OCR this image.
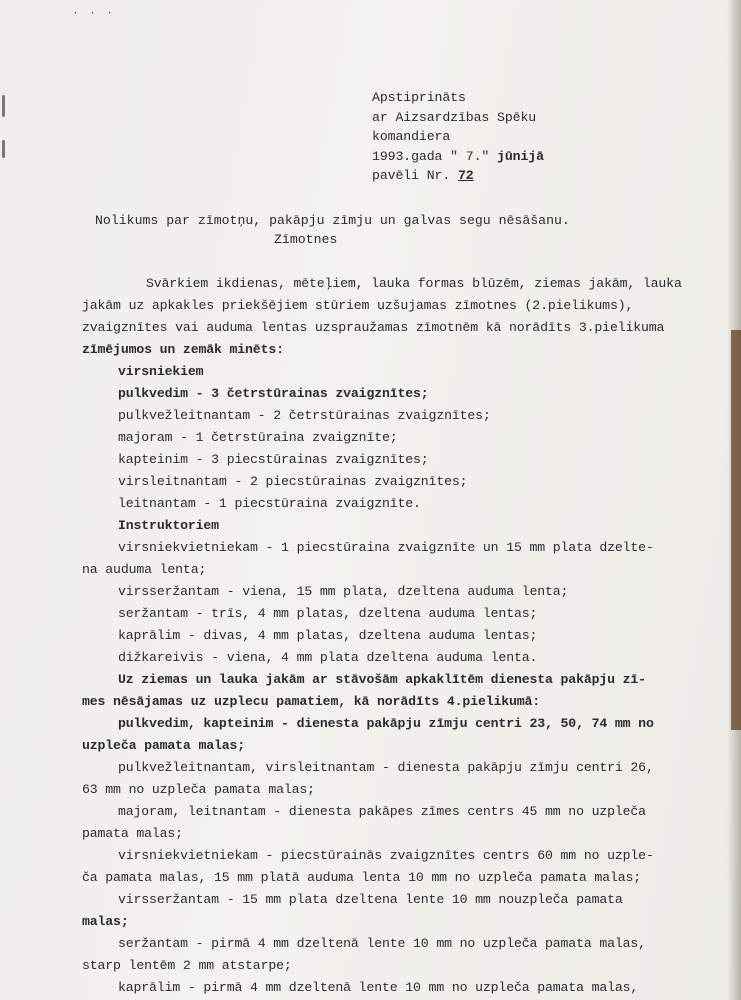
· · ·
Apstiprināts
ar Aizsardzības Spēku
komandiera
1993.gada " 7." jūnijā
pavēli Nr. 72
Nolikums par zīmotņu, pakāpju zīmju un galvas segu nēsāšanu.
Zīmotnes
Svārkiem ikdienas, mēteļiem, lauka formas blūzēm, ziemas jakām, lauka
jakām uz apkakles priekšējiem stūriem uzšujamas zīmotnes (2.pielikums),
zvaigznītes vai auduma lentas uzspraužamas zīmotnēm kā norādīts 3.pielikuma
zīmējumos un zemāk minēts:
virsniekiem
pulkvedim - 3 četrstūrainas zvaigznītes;
pulkvežleitnantam - 2 četrstūrainas zvaigznītes;
majoram - 1 četrstūraina zvaigznīte;
kapteinim - 3 piecstūrainas zvaigznītes;
virsleitnantam - 2 piecstūrainas zvaigznītes;
leitnantam - 1 piecstūraina zvaigznīte.
Instruktoriem
virsniekvietniekam - 1 piecstūraina zvaigznīte un 15 mm plata dzelte-
na auduma lenta;
virsseržantam - viena, 15 mm plata, dzeltena auduma lenta;
seržantam - trīs, 4 mm platas, dzeltena auduma lentas;
kaprālim - divas, 4 mm platas, dzeltena auduma lentas;
dižkareivis - viena, 4 mm plata dzeltena auduma lenta.
Uz ziemas un lauka jakām ar stāvošām apkaklītēm dienesta pakāpju zī-
mes nēsājamas uz uzplecu pamatiem, kā norādīts 4.pielikumā:
pulkvedim, kapteinim - dienesta pakāpju zīmju centri 23, 50, 74 mm no
uzpleča pamata malas;
pulkvežleitnantam, virsleitnantam - dienesta pakāpju zīmju centri 26,
63 mm no uzpleča pamata malas;
majoram, leitnantam - dienesta pakāpes zīmes centrs 45 mm no uzpleča
pamata malas;
virsniekvietniekam - piecstūrainās zvaigznītes centrs 60 mm no uzple-
ča pamata malas, 15 mm platā auduma lenta 10 mm no uzpleča pamata malas;
virsseržantam - 15 mm plata dzeltena lente 10 mm nouzpleča pamata
malas;
seržantam - pirmā 4 mm dzeltenā lente 10 mm no uzpleča pamata malas,
starp lentēm 2 mm atstarpe;
kaprālim - pirmā 4 mm dzeltenā lente 10 mm no uzpleča pamata malas,
